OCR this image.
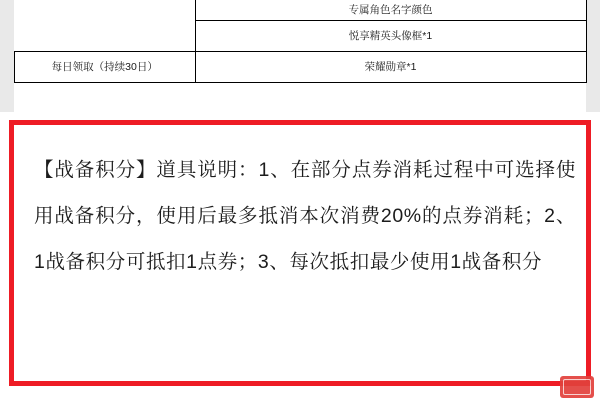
	专属角色名字颜色
	悦享精英头像框*1
每日领取（持续30日）	荣耀勋章*1
【战备积分】道具说明：1、在部分点券消耗过程中可选择使用战备积分，使用后最多抵消本次消费20%的点券消耗；2、1战备积分可抵扣1点券；3、每次抵扣最少使用1战备积分
